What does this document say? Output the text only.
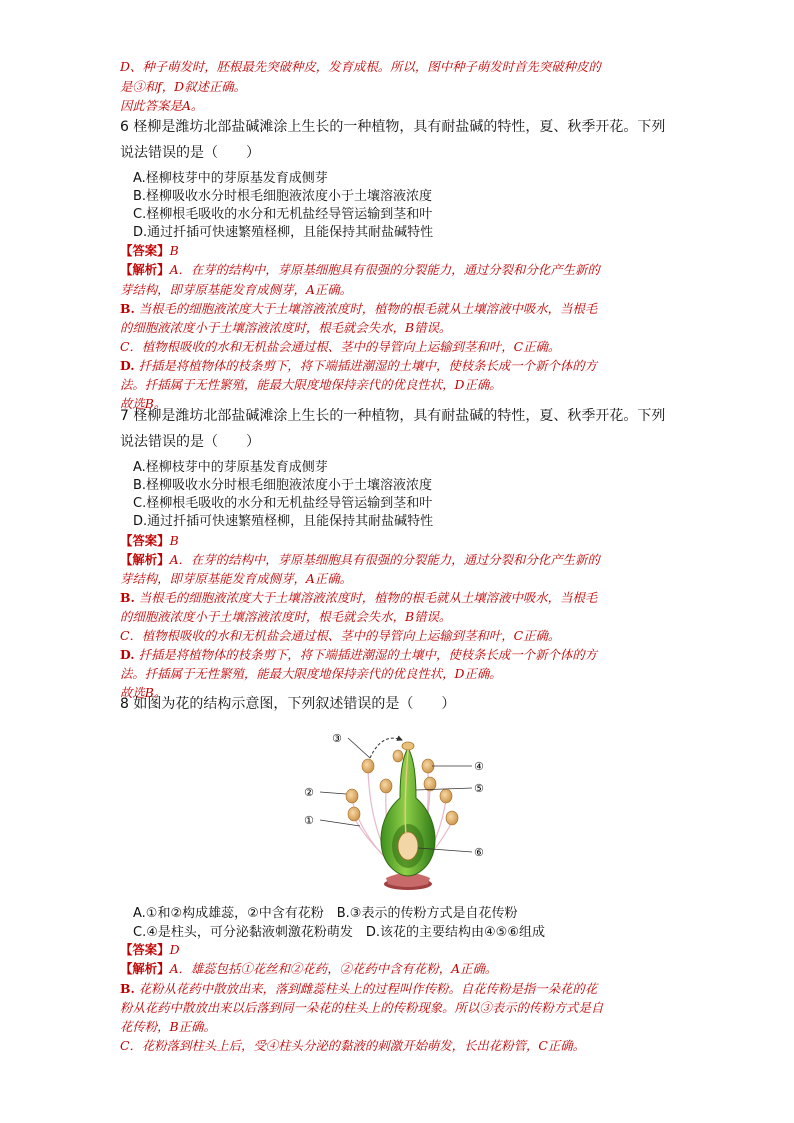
D、种子萌发时，胚根最先突破种皮，发育成根。所以，图中种子萌发时首先突破种皮的
是③和f，D叙述正确。
因此答案是A。
6 柽柳是潍坊北部盐碱滩涂上生长的一种植物，具有耐盐碱的特性，夏、秋季开花。下列
说法错误的是（　　）
A.柽柳枝芽中的芽原基发育成侧芽
B.柽柳吸收水分时根毛细胞液浓度小于土壤溶液浓度
C.柽柳根毛吸收的水分和无机盐经导管运输到茎和叶
D.通过扦插可快速繁殖柽柳，且能保持其耐盐碱特性
【答案】B
【解析】A．在芽的结构中，芽原基细胞具有很强的分裂能力，通过分裂和分化产生新的
芽结构，即芽原基能发育成侧芽，A正确。
B. 当根毛的细胞液浓度大于土壤溶液浓度时，植物的根毛就从土壤溶液中吸水，当根毛
的细胞液浓度小于土壤溶液浓度时，根毛就会失水，B错误。
C．植物根吸收的水和无机盐会通过根、茎中的导管向上运输到茎和叶，C正确。
D. 扦插是将植物体的枝条剪下，将下端插进潮湿的土壤中，使枝条长成一个新个体的方
法。扦插属于无性繁殖，能最大限度地保持亲代的优良性状，D正确。
故选B。
7 柽柳是潍坊北部盐碱滩涂上生长的一种植物，具有耐盐碱的特性，夏、秋季开花。下列
说法错误的是（　　）
A.柽柳枝芽中的芽原基发育成侧芽
B.柽柳吸收水分时根毛细胞液浓度小于土壤溶液浓度
C.柽柳根毛吸收的水分和无机盐经导管运输到茎和叶
D.通过扦插可快速繁殖柽柳，且能保持其耐盐碱特性
【答案】B
【解析】A．在芽的结构中，芽原基细胞具有很强的分裂能力，通过分裂和分化产生新的
芽结构，即芽原基能发育成侧芽，A正确。
B. 当根毛的细胞液浓度大于土壤溶液浓度时，植物的根毛就从土壤溶液中吸水，当根毛
的细胞液浓度小于土壤溶液浓度时，根毛就会失水，B错误。
C．植物根吸收的水和无机盐会通过根、茎中的导管向上运输到茎和叶，C正确。
D. 扦插是将植物体的枝条剪下，将下端插进潮湿的土壤中，使枝条长成一个新个体的方
法。扦插属于无性繁殖，能最大限度地保持亲代的优良性状，D正确。
故选B。
8 如图为花的结构示意图，下列叙述错误的是（　　）
③
④
②	⑤
①
⑥
A.①和②构成雄蕊，②中含有花粉　B.③表示的传粉方式是自花传粉
C.④是柱头，可分泌黏液刺激花粉萌发　D.该花的主要结构由④⑤⑥组成
【答案】D
【解析】A．雄蕊包括①花丝和②花药，②花药中含有花粉，A正确。
B. 花粉从花药中散放出来，落到雌蕊柱头上的过程叫作传粉。自花传粉是指一朵花的花
粉从花药中散放出来以后落到同一朵花的柱头上的传粉现象。所以③表示的传粉方式是自
花传粉，B正确。
C．花粉落到柱头上后，受④柱头分泌的黏液的刺激开始萌发，长出花粉管，C正确。
